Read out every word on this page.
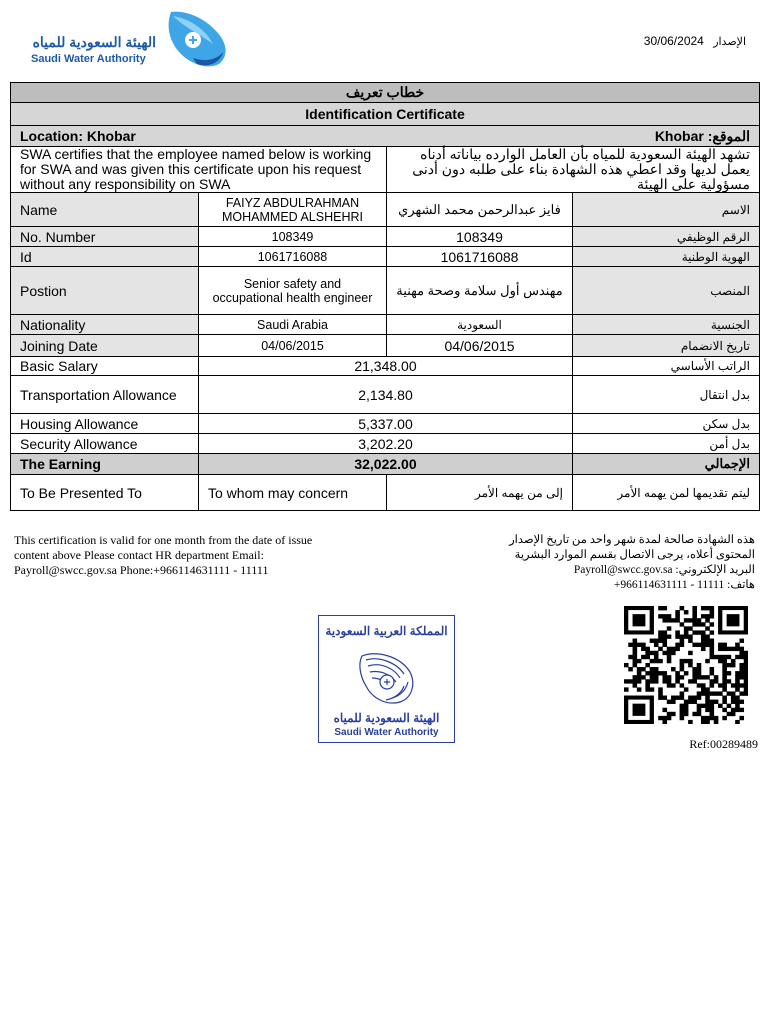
الهيئة السعودية للمياه
Saudi Water Authority
30/06/2024 الإصدار
خطاب تعريف			
Identification Certificate			

Location: Khobar Khobar :الموقع			

SWA certifies that the employee named below is working for SWA and was given this certificate upon his request without any responsibility on SWA		تشهد الهيئة السعودية للمياه بأن العامل الوارده بياناته أدناه يعمل لديها وقد اعطي هذه الشهادة بناء على طلبه دون أدنى مسؤولية على الهيئة	
Name	FAIYZ ABDULRAHMAN MOHAMMED ALSHEHRI	فايز عبدالرحمن محمد الشهري	الاسم
No. Number	108349	108349	الرقم الوظيفي
Id	1061716088	1061716088	الهوية الوطنية
Postion	Senior safety and occupational health engineer	مهندس أول سلامة وصحة مهنية	المنصب
Nationality	Saudi Arabia	السعودية	الجنسية
Joining Date	04/06/2015	04/06/2015	تاريخ الانضمام
Basic Salary	21,348.00		الراتب الأساسي
Transportation Allowance	2,134.80		بدل انتقال
Housing Allowance	5,337.00		بدل سكن
Security Allowance	3,202.20		بدل أمن
The Earning	32,022.00		الإجمالي
To Be Presented To	To whom may concern	إلى من يهمه الأمر	ليتم تقديمها لمن يهمه الأمر
This certification is valid for one month from the date of issue content above Please contact HR department Email: Payroll@swcc.gov.sa Phone:+966114631111 - 11111
هذه الشهادة صالحة لمدة شهر واحد من تاريخ الإصدار
المحتوى أعلاه، يرجى الاتصال بقسم الموارد البشرية
Payroll@swcc.gov.sa :البريد الإلكتروني
+966114631111 - 11111 :هاتف
المملكة العربية السعودية
الهيئة السعودية للمياه
Saudi Water Authority
Ref:00289489
